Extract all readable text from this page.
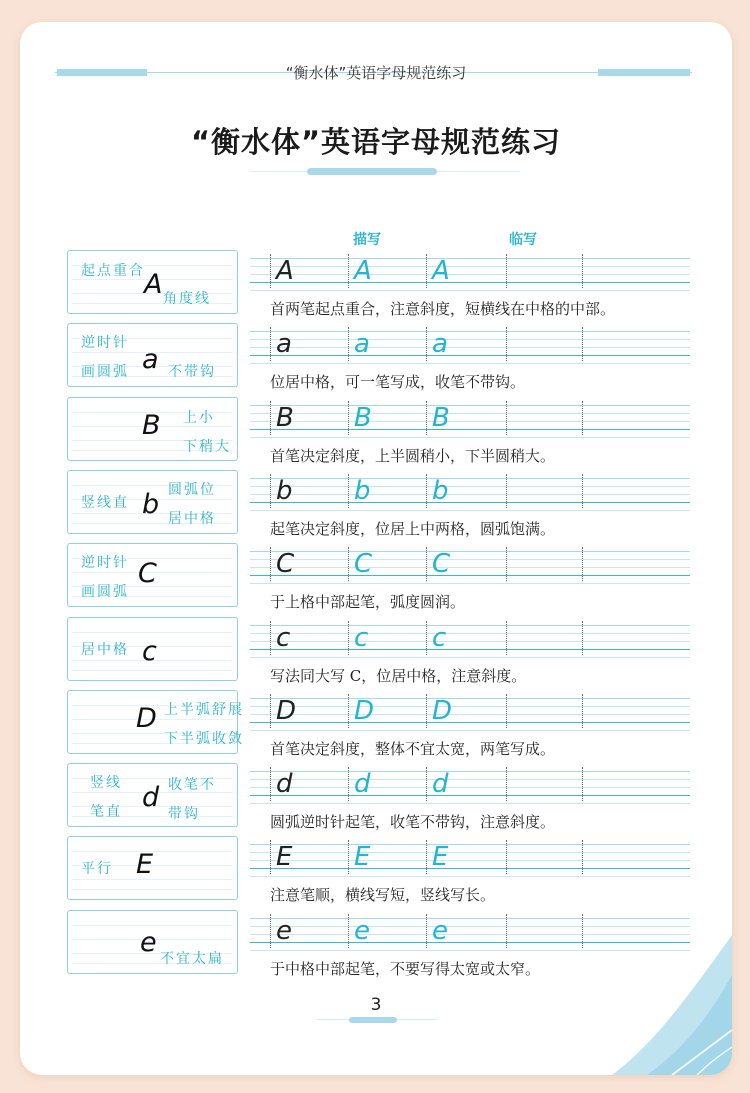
“衡水体”英语字母规范练习
“衡水体”英语字母规范练习
描写	临写
A
起点重合
角度线
A A A
首两笔起点重合，注意斜度，短横线在中格的中部。
a
逆时针
画圆弧	不带钩
a a a
位居中格，可一笔写成，收笔不带钩。
B 上小
下稍大
B B B
首笔决定斜度，上半圆稍小，下半圆稍大。
b
竖线直
圆弧位
居中格
b b b
起笔决定斜度，位居上中两格，圆弧饱满。
C
逆时针
画圆弧
C C C
于上格中部起笔，弧度圆润。
c
居中格	c c c
写法同大写 C，位居中格，注意斜度。
D 上半弧舒展
下半弧收敛
D D D
首笔决定斜度，整体不宜太宽，两笔写成。
d
竖线
笔直
收笔不
带钩
d d d
圆弧逆时针起笔，收笔不带钩，注意斜度。
E
平行	E E E
注意笔顺，横线写短，竖线写长。
e
不宜太扁
e e e
于中格中部起笔，不要写得太宽或太窄。
3
